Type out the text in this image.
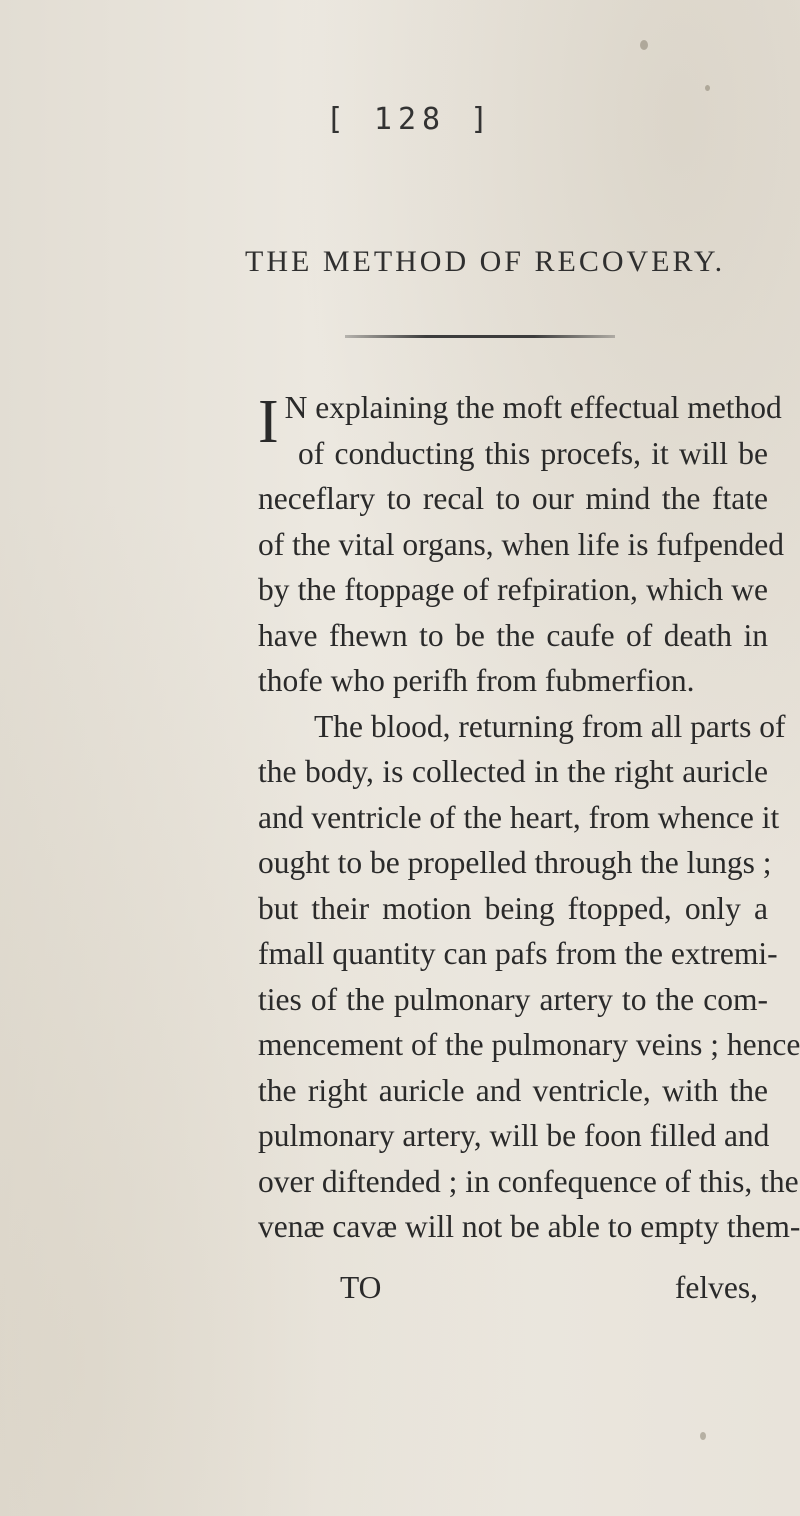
[ 128 ]
THE METHOD OF RECOVERY.
I N explaining the moft effectual method
of conducting this procefs, it will be
neceflary to recal to our mind the ftate
of the vital organs, when life is fufpended
by the ftoppage of refpiration, which we
have fhewn to be the caufe of death in
thofe who perifh from fubmerfion.
The blood, returning from all parts of
the body, is collected in the right auricle
and ventricle of the heart, from whence it
ought to be propelled through the lungs ;
but their motion being ftopped, only a
fmall quantity can pafs from the extremi-
ties of the pulmonary artery to the com-
mencement of the pulmonary veins ; hence
the right auricle and ventricle, with the
pulmonary artery, will be foon filled and
over diftended ; in confequence of this, the
venæ cavæ will not be able to empty them-
TO	felves,
